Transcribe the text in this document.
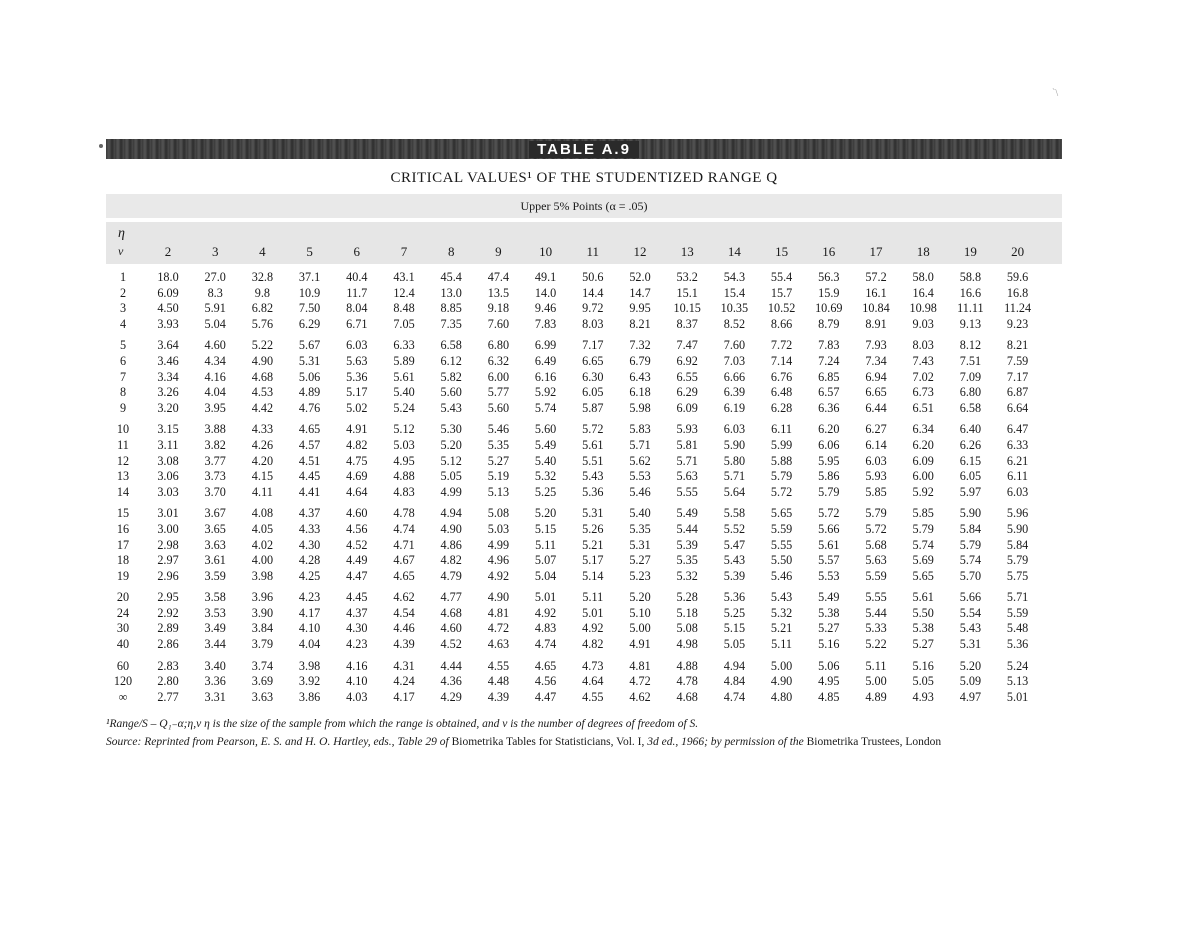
`\
TABLE A.9
CRITICAL VALUES¹ OF THE STUDENTIZED RANGE Q
Upper 5% Points (α = .05)
η
ν	2	3	4	5	6	7	8	9	10	11	12	13	14	15	16	17	18	19	20
1	18.0	27.0	32.8	37.1	40.4	43.1	45.4	47.4	49.1	50.6	52.0	53.2	54.3	55.4	56.3	57.2	58.0	58.8	59.6
2	6.09	8.3	9.8	10.9	11.7	12.4	13.0	13.5	14.0	14.4	14.7	15.1	15.4	15.7	15.9	16.1	16.4	16.6	16.8
3	4.50	5.91	6.82	7.50	8.04	8.48	8.85	9.18	9.46	9.72	9.95	10.15	10.35	10.52	10.69	10.84	10.98	11.11	11.24
4	3.93	5.04	5.76	6.29	6.71	7.05	7.35	7.60	7.83	8.03	8.21	8.37	8.52	8.66	8.79	8.91	9.03	9.13	9.23
5	3.64	4.60	5.22	5.67	6.03	6.33	6.58	6.80	6.99	7.17	7.32	7.47	7.60	7.72	7.83	7.93	8.03	8.12	8.21
6	3.46	4.34	4.90	5.31	5.63	5.89	6.12	6.32	6.49	6.65	6.79	6.92	7.03	7.14	7.24	7.34	7.43	7.51	7.59
7	3.34	4.16	4.68	5.06	5.36	5.61	5.82	6.00	6.16	6.30	6.43	6.55	6.66	6.76	6.85	6.94	7.02	7.09	7.17
8	3.26	4.04	4.53	4.89	5.17	5.40	5.60	5.77	5.92	6.05	6.18	6.29	6.39	6.48	6.57	6.65	6.73	6.80	6.87
9	3.20	3.95	4.42	4.76	5.02	5.24	5.43	5.60	5.74	5.87	5.98	6.09	6.19	6.28	6.36	6.44	6.51	6.58	6.64
10	3.15	3.88	4.33	4.65	4.91	5.12	5.30	5.46	5.60	5.72	5.83	5.93	6.03	6.11	6.20	6.27	6.34	6.40	6.47
11	3.11	3.82	4.26	4.57	4.82	5.03	5.20	5.35	5.49	5.61	5.71	5.81	5.90	5.99	6.06	6.14	6.20	6.26	6.33
12	3.08	3.77	4.20	4.51	4.75	4.95	5.12	5.27	5.40	5.51	5.62	5.71	5.80	5.88	5.95	6.03	6.09	6.15	6.21
13	3.06	3.73	4.15	4.45	4.69	4.88	5.05	5.19	5.32	5.43	5.53	5.63	5.71	5.79	5.86	5.93	6.00	6.05	6.11
14	3.03	3.70	4.11	4.41	4.64	4.83	4.99	5.13	5.25	5.36	5.46	5.55	5.64	5.72	5.79	5.85	5.92	5.97	6.03
15	3.01	3.67	4.08	4.37	4.60	4.78	4.94	5.08	5.20	5.31	5.40	5.49	5.58	5.65	5.72	5.79	5.85	5.90	5.96
16	3.00	3.65	4.05	4.33	4.56	4.74	4.90	5.03	5.15	5.26	5.35	5.44	5.52	5.59	5.66	5.72	5.79	5.84	5.90
17	2.98	3.63	4.02	4.30	4.52	4.71	4.86	4.99	5.11	5.21	5.31	5.39	5.47	5.55	5.61	5.68	5.74	5.79	5.84
18	2.97	3.61	4.00	4.28	4.49	4.67	4.82	4.96	5.07	5.17	5.27	5.35	5.43	5.50	5.57	5.63	5.69	5.74	5.79
19	2.96	3.59	3.98	4.25	4.47	4.65	4.79	4.92	5.04	5.14	5.23	5.32	5.39	5.46	5.53	5.59	5.65	5.70	5.75
20	2.95	3.58	3.96	4.23	4.45	4.62	4.77	4.90	5.01	5.11	5.20	5.28	5.36	5.43	5.49	5.55	5.61	5.66	5.71
24	2.92	3.53	3.90	4.17	4.37	4.54	4.68	4.81	4.92	5.01	5.10	5.18	5.25	5.32	5.38	5.44	5.50	5.54	5.59
30	2.89	3.49	3.84	4.10	4.30	4.46	4.60	4.72	4.83	4.92	5.00	5.08	5.15	5.21	5.27	5.33	5.38	5.43	5.48
40	2.86	3.44	3.79	4.04	4.23	4.39	4.52	4.63	4.74	4.82	4.91	4.98	5.05	5.11	5.16	5.22	5.27	5.31	5.36
60	2.83	3.40	3.74	3.98	4.16	4.31	4.44	4.55	4.65	4.73	4.81	4.88	4.94	5.00	5.06	5.11	5.16	5.20	5.24
120	2.80	3.36	3.69	3.92	4.10	4.24	4.36	4.48	4.56	4.64	4.72	4.78	4.84	4.90	4.95	5.00	5.05	5.09	5.13
∞	2.77	3.31	3.63	3.86	4.03	4.17	4.29	4.39	4.47	4.55	4.62	4.68	4.74	4.80	4.85	4.89	4.93	4.97	5.01
¹Range/S – Q₁₋α;η,ν η is the size of the sample from which the range is obtained, and ν is the number of degrees of freedom of S.
Source: Reprinted from Pearson, E. S. and H. O. Hartley, eds., Table 29 of Biometrika Tables for Statisticians, Vol. I, 3d ed., 1966; by permission of the Biometrika Trustees, London
